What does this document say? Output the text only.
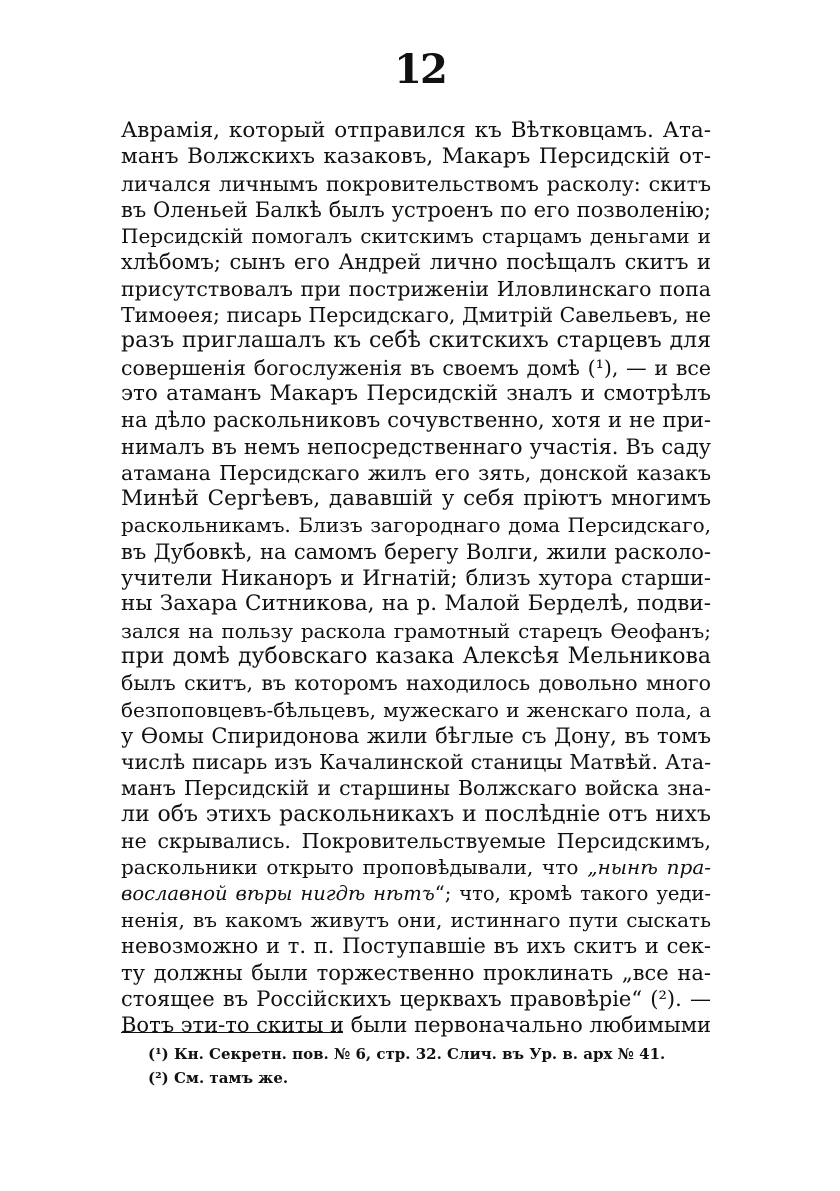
12
Аврамія, который отправился къ Вѣтковцамъ. Ата-
манъ Волжскихъ казаковъ, Макаръ Персидскій от-
личался личнымъ покровительствомъ расколу: скитъ
въ Оленьей Балкѣ былъ устроенъ по его позволенію;
Персидскій помогалъ скитскимъ старцамъ деньгами и
хлѣбомъ; сынъ его Андрей лично посѣщалъ скитъ и
присутствовалъ при постриженіи Иловлинскаго попа
Тимоѳея; писарь Персидскаго, Дмитрій Савельевъ, не
разъ приглашалъ къ себѣ скитскихъ старцевъ для
совершенія богослуженія въ своемъ домѣ (¹), — и все
это атаманъ Макаръ Персидскій зналъ и смотрѣлъ
на дѣло раскольниковъ сочувственно, хотя и не при-
нималъ въ немъ непосредственнаго участія. Въ саду
атамана Персидскаго жилъ его зять, донской казакъ
Минѣй Сергѣевъ, дававшій у себя пріютъ многимъ
раскольникамъ. Близъ загороднаго дома Персидскаго,
въ Дубовкѣ, на самомъ берегу Волги, жили расколо-
учители Никаноръ и Игнатій; близъ хутора старши-
ны Захара Ситникова, на р. Малой Берделѣ, подви-
зался на пользу раскола грамотный старецъ Ѳеофанъ;
при домѣ дубовскаго казака Алексѣя Мельникова
былъ скитъ, въ которомъ находилось довольно много
безпоповцевъ-бѣльцевъ, мужескаго и женскаго пола, а
у Ѳомы Спиридонова жили бѣглые съ Дону, въ томъ
числѣ писарь изъ Качалинской станицы Матвѣй. Ата-
манъ Персидскій и старшины Волжскаго войска зна-
ли объ этихъ раскольникахъ и послѣдніе отъ нихъ
не скрывались. Покровительствуемые Персидскимъ,
раскольники открыто проповѣдывали, что „нынѣ пра-
вославной вѣры нигдѣ нѣтъ“; что, кромѣ такого уеди-
ненія, въ какомъ живутъ они, истиннаго пути сыскать
невозможно и т. п. Поступавшіе въ ихъ скитъ и сек-
ту должны были торжественно проклинать „все на-
стоящее въ Россійскихъ церквахъ правовѣріе“ (²). —
Вотъ эти-то скиты и были первоначально любимыми
(¹) Кн. Секретн. пов. № 6, стр. 32. Слич. въ Ур. в. арх № 41.
(²) См. тамъ же.
